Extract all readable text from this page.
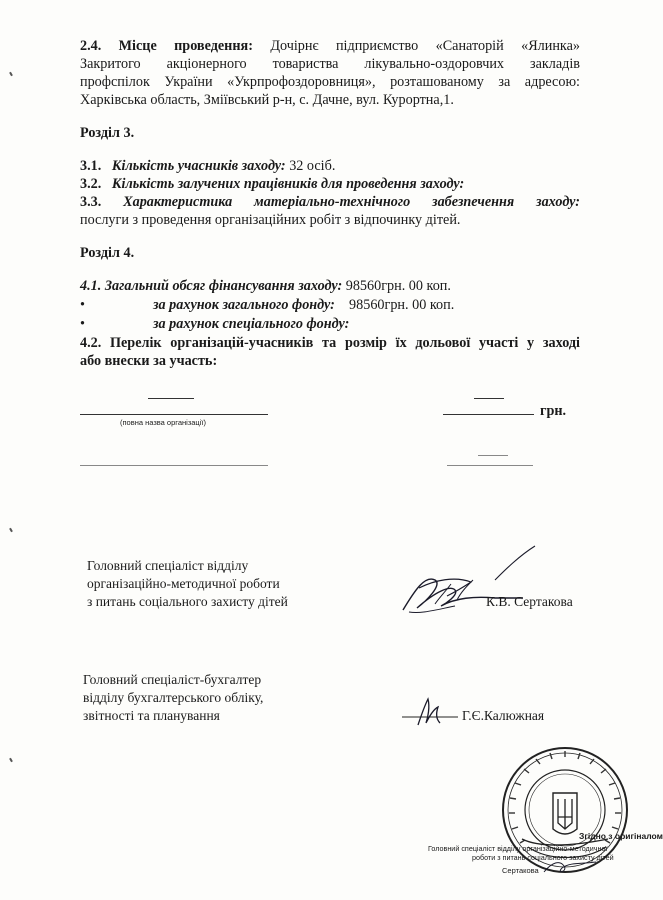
2.4. Місце проведення: Дочірнє підприємство «Санаторій «Ялинка»
Закритого акціонерного товариства лікувально-оздоровчих закладів
профспілок України «Укрпрофоздоровниця», розташованому за адресою:
Харківська область, Зміївський р-н, с. Дачне, вул. Курортна,1.
Розділ 3.
3.1. Кількість учасників заходу: 32 осіб.
3.2. Кількість залучених працівників для проведення заходу:
3.3. Характеристика матеріально-технічного забезпечення заходу:
послуги з проведення організаційних робіт з відпочинку дітей.
Розділ 4.
4.1. Загальний обсяг фінансування заходу: 98560грн. 00 коп.
•	за рахунок загального фонду: 98560грн. 00 коп.
•	за рахунок спеціального фонду:
4.2. Перелік організацій-учасників та розмір їх дольової участі у заході
або внески за участь:
грн.
(повна назва організації)
Головний спеціаліст відділу
організаційно-методичної роботи
з питань соціального захисту дітей	К.В. Сертакова
Головний спеціаліст-бухгалтер
відділу бухгалтерського обліку,
звітності та планування	Г.Є.Калюжная
Згідно з оригіналом
Головний спеціаліст відділу організаційно-методичної
роботи з питань соціального захисту дітей
Сертакова
